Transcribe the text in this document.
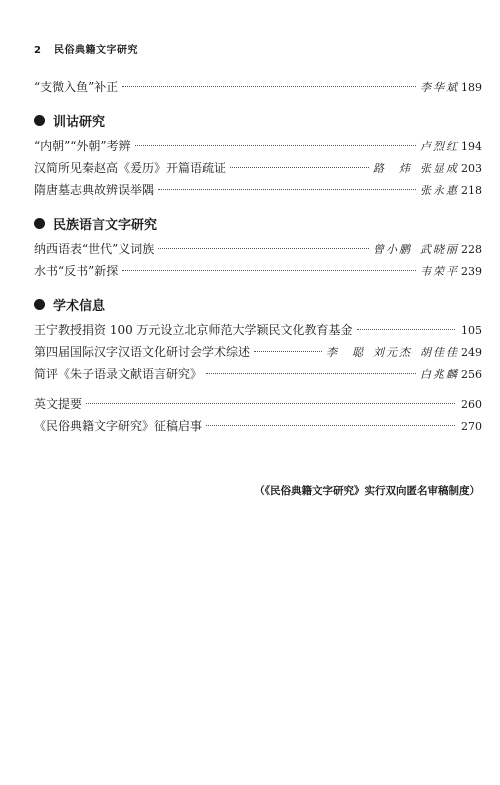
2 民俗典籍文字研究
“支微入鱼”补正	李华斌 189
训诂研究
“内朝”“外朝”考辨	卢烈红 194
汉简所见秦赵高《爰历》开篇语疏证	路　炜 张显成 203
隋唐墓志典故辨误举隅	张永惠 218
民族语言文字研究
纳西语表“世代”义词族	曾小鹏 武晓丽 228
水书“反书”新探	韦荣平 239
学术信息
王宁教授捐资 100 万元设立北京师范大学颖民文化教育基金	105
第四届国际汉字汉语文化研讨会学术综述	李　聪 刘元杰 胡佳佳 249
简评《朱子语录文献语言研究》	白兆麟 256
英文提要	260
《民俗典籍文字研究》征稿启事	270
（《民俗典籍文字研究》实行双向匿名审稿制度）
